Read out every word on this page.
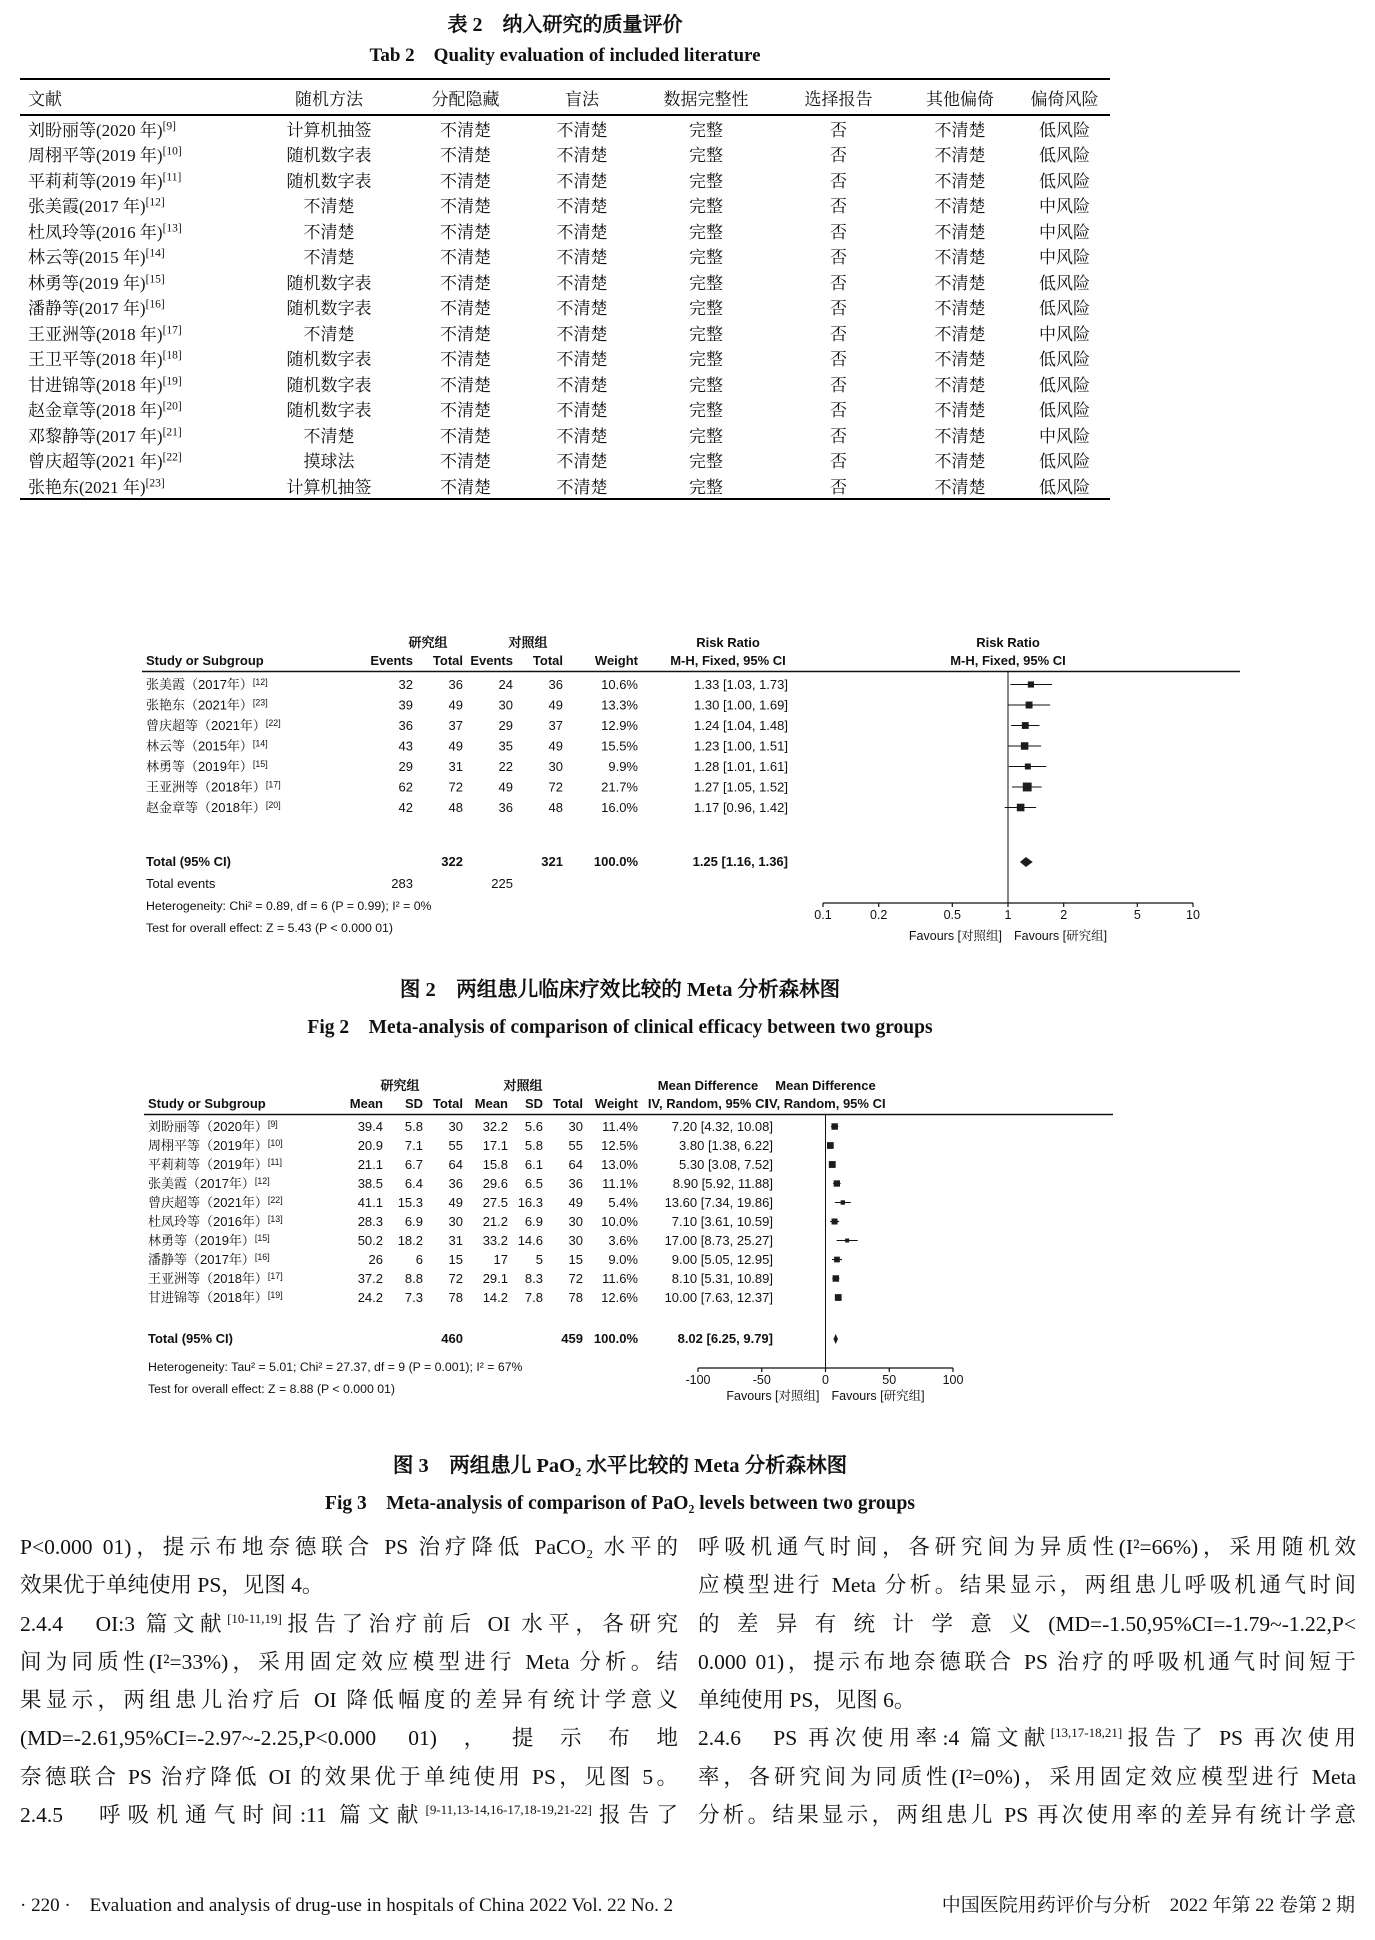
表 2　纳入研究的质量评价
Tab 2　Quality evaluation of included literature
文献	随机方法	分配隐藏	盲法	数据完整性	选择报告	其他偏倚	偏倚风险
刘盼丽等(2020 年)[9]	计算机抽签	不清楚	不清楚	完整	否	不清楚	低风险
周栩平等(2019 年)[10]	随机数字表	不清楚	不清楚	完整	否	不清楚	低风险
平莉莉等(2019 年)[11]	随机数字表	不清楚	不清楚	完整	否	不清楚	低风险
张美霞(2017 年)[12]	不清楚	不清楚	不清楚	完整	否	不清楚	中风险
杜凤玲等(2016 年)[13]	不清楚	不清楚	不清楚	完整	否	不清楚	中风险
林云等(2015 年)[14]	不清楚	不清楚	不清楚	完整	否	不清楚	中风险
林勇等(2019 年)[15]	随机数字表	不清楚	不清楚	完整	否	不清楚	低风险
潘静等(2017 年)[16]	随机数字表	不清楚	不清楚	完整	否	不清楚	低风险
王亚洲等(2018 年)[17]	不清楚	不清楚	不清楚	完整	否	不清楚	中风险
王卫平等(2018 年)[18]	随机数字表	不清楚	不清楚	完整	否	不清楚	低风险
甘进锦等(2018 年)[19]	随机数字表	不清楚	不清楚	完整	否	不清楚	低风险
赵金章等(2018 年)[20]	随机数字表	不清楚	不清楚	完整	否	不清楚	低风险
邓黎静等(2017 年)[21]	不清楚	不清楚	不清楚	完整	否	不清楚	中风险
曾庆超等(2021 年)[22]	摸球法	不清楚	不清楚	完整	否	不清楚	低风险
张艳东(2021 年)[23]	计算机抽签	不清楚	不清楚	完整	否	不清楚	低风险
研究组	对照组	Risk Ratio	Risk Ratio
Study or Subgroup	Events Total Events Total Weight M-H, Fixed, 95% CI	M-H, Fixed, 95% CI
张美霞（2017年）[12]	32	36	24	36	10.6%	1.33 [1.03, 1.73]
张艳东（2021年）[23]	39	49	30	49	13.3%	1.30 [1.00, 1.69]
曾庆超等（2021年）[22]	36	37	29	37	12.9%	1.24 [1.04, 1.48]
林云等（2015年）[14]	43	49	35	49	15.5%	1.23 [1.00, 1.51]
林勇等（2019年）[15]	29	31	22	30	9.9%	1.28 [1.01, 1.61]
王亚洲等（2018年）[17]	62	72	49	72	21.7%	1.27 [1.05, 1.52]
赵金章等（2018年）[20]	42	48	36	48	16.0%	1.17 [0.96, 1.42]
Total (95% CI)	322	321 100.0%	1.25 [1.16, 1.36]
Total events	283	225
Heterogeneity: Chi² = 0.89, df = 6 (P = 0.99); I² = 0%
Test for overall effect: Z = 5.43 (P < 0.000 01)
0.1	0.2	0.5	1	2	5	10
Favours [对照组] Favours [研究组]
图 2　两组患儿临床疗效比较的 Meta 分析森林图
Fig 2　Meta-analysis of comparison of clinical efficacy between two groups
研究组	对照组	Mean Difference Mean Difference
Study or Subgroup	Mean SD Total Mean SD Total Weight IV, Random, 95% CI
IV, Random, 95% CI
刘盼丽等（2020年）[9]	39.4 5.8 30 32.2 5.6 30 11.4%	7.20 [4.32, 10.08]
周栩平等（2019年）[10]	20.9 7.1 55 17.1 5.8 55 12.5%	3.80 [1.38, 6.22]
平莉莉等（2019年）[11]	21.1 6.7 64 15.8 6.1 64 13.0%	5.30 [3.08, 7.52]
张美霞（2017年）[12]	38.5 6.4 36 29.6 6.5 36 11.1%	8.90 [5.92, 11.88]
曾庆超等（2021年）[22]	41.1 15.3 49 27.5 16.3 49 5.4% 13.60 [7.34, 19.86]
杜凤玲等（2016年）[13]	28.3 6.9 30 21.2 6.9 30 10.0%	7.10 [3.61, 10.59]
林勇等（2019年）[15]	50.2 18.2 31 33.2 14.6 30 3.6% 17.00 [8.73, 25.27]
潘静等（2017年）[16]	26	6 15 17 5 15 9.0%	9.00 [5.05, 12.95]
王亚洲等（2018年）[17]	37.2 8.8 72 29.1 8.3 72 11.6%	8.10 [5.31, 10.89]
甘进锦等（2018年）[19]	24.2 7.3 78 14.2 7.8 78 12.6% 10.00 [7.63, 12.37]
Total (95% CI)	460	459 100.0%	8.02 [6.25, 9.79]
Heterogeneity: Tau² = 5.01; Chi² = 27.37, df = 9 (P = 0.001); I² = 67%
Test for overall effect: Z = 8.88 (P < 0.000 01)
-100	-50	0	50	100
Favours [对照组] Favours [研究组]
图 3　两组患儿 PaO₂ 水平比较的 Meta 分析森林图
Fig 3　Meta-analysis of comparison of PaO₂ levels between two groups
P<0.000 01)，提示布地奈德联合 PS 治疗降低 PaCO₂ 水平的
效果优于单纯使用 PS，见图 4。
2.4.4　OI:3 篇文献[10-11,19]报告了治疗前后 OI 水平，各研究
间为同质性(I²=33%)，采用固定效应模型进行 Meta 分析。结
果显示，两组患儿治疗后 OI 降低幅度的差异有统计学意义
(MD=-2.61,95%CI=-2.97~-2.25,P<0.000 01)，提示布地
奈德联合 PS 治疗降低 OI 的效果优于单纯使用 PS，见图 5。
2.4.5　呼吸机通气时间:11 篇文献[9-11,13-14,16-17,18-19,21-22]报告了
呼吸机通气时间，各研究间为异质性(I²=66%)，采用随机效
应模型进行 Meta 分析。结果显示，两组患儿呼吸机通气时间
的差异有统计学意义(MD=-1.50,95%CI=-1.79~-1.22,P<
0.000 01)，提示布地奈德联合 PS 治疗的呼吸机通气时间短于
单纯使用 PS，见图 6。
2.4.6　PS 再次使用率:4 篇文献[13,17-18,21]报告了 PS 再次使用
率，各研究间为同质性(I²=0%)，采用固定效应模型进行 Meta
分析。结果显示，两组患儿 PS 再次使用率的差异有统计学意
· 220 ·　Evaluation and analysis of drug-use in hospitals of China 2022 Vol. 22 No. 2	中国医院用药评价与分析　2022 年第 22 卷第 2 期
